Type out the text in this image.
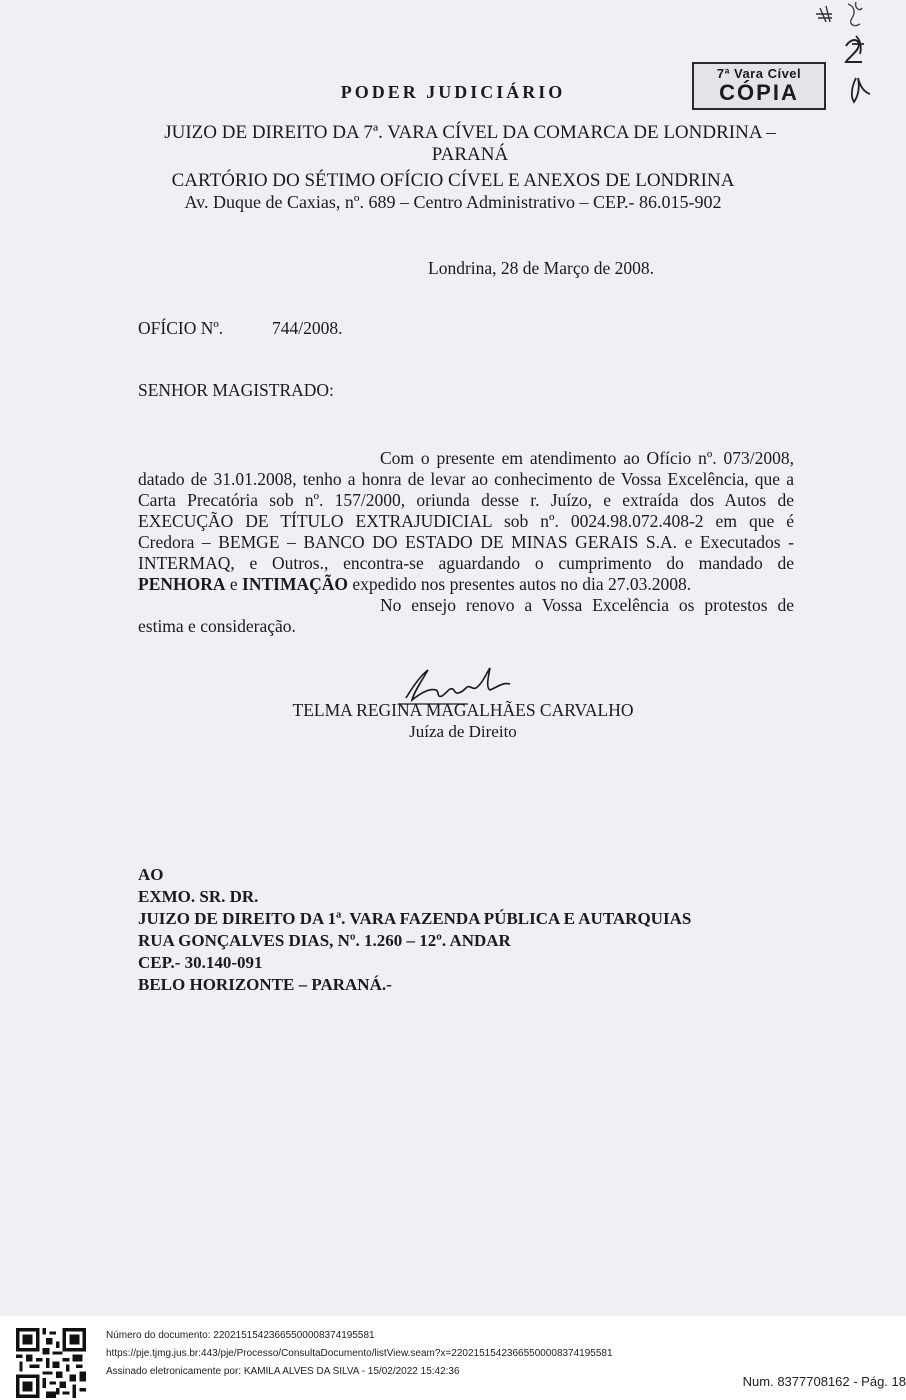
7ª Vara Cível
CÓPIA
PODER JUDICIÁRIO
JUIZO DE DIREITO DA 7ª. VARA CÍVEL DA COMARCA DE LONDRINA –
PARANÁ
CARTÓRIO DO SÉTIMO OFÍCIO CÍVEL E ANEXOS DE LONDRINA
Av. Duque de Caxias, nº. 689 – Centro Administrativo – CEP.- 86.015-902
Londrina, 28 de Março de 2008.
OFÍCIO Nº.	744/2008.
SENHOR MAGISTRADO:
Com o presente em atendimento ao Ofício nº. 073/2008,
datado de 31.01.2008, tenho a honra de levar ao conhecimento de Vossa Excelência, que a
Carta Precatória sob nº. 157/2000, oriunda desse r. Juízo, e extraída dos Autos de
EXECUÇÃO DE TÍTULO EXTRAJUDICIAL sob nº. 0024.98.072.408-2 em que é
Credora – BEMGE – BANCO DO ESTADO DE MINAS GERAIS S.A. e Executados -
INTERMAQ, e Outros., encontra-se aguardando o cumprimento do mandado de
PENHORA e INTIMAÇÃO expedido nos presentes autos no dia 27.03.2008.
No ensejo renovo a Vossa Excelência os protestos de
estima e consideração.
TELMA REGINA MAGALHÃES CARVALHO
Juíza de Direito
AO
EXMO. SR. DR.
JUIZO DE DIREITO DA 1ª. VARA FAZENDA PÚBLICA E AUTARQUIAS
RUA GONÇALVES DIAS, Nº. 1.260 – 12º. ANDAR
CEP.- 30.140-091
BELO HORIZONTE – PARANÁ.-
Número do documento: 22021515423665500008374195581
https://pje.tjmg.jus.br:443/pje/Processo/ConsultaDocumento/listView.seam?x=22021515423665500008374195581
Assinado eletronicamente por: KAMILA ALVES DA SILVA - 15/02/2022 15:42:36
Num. 8377708162 - Pág. 18
